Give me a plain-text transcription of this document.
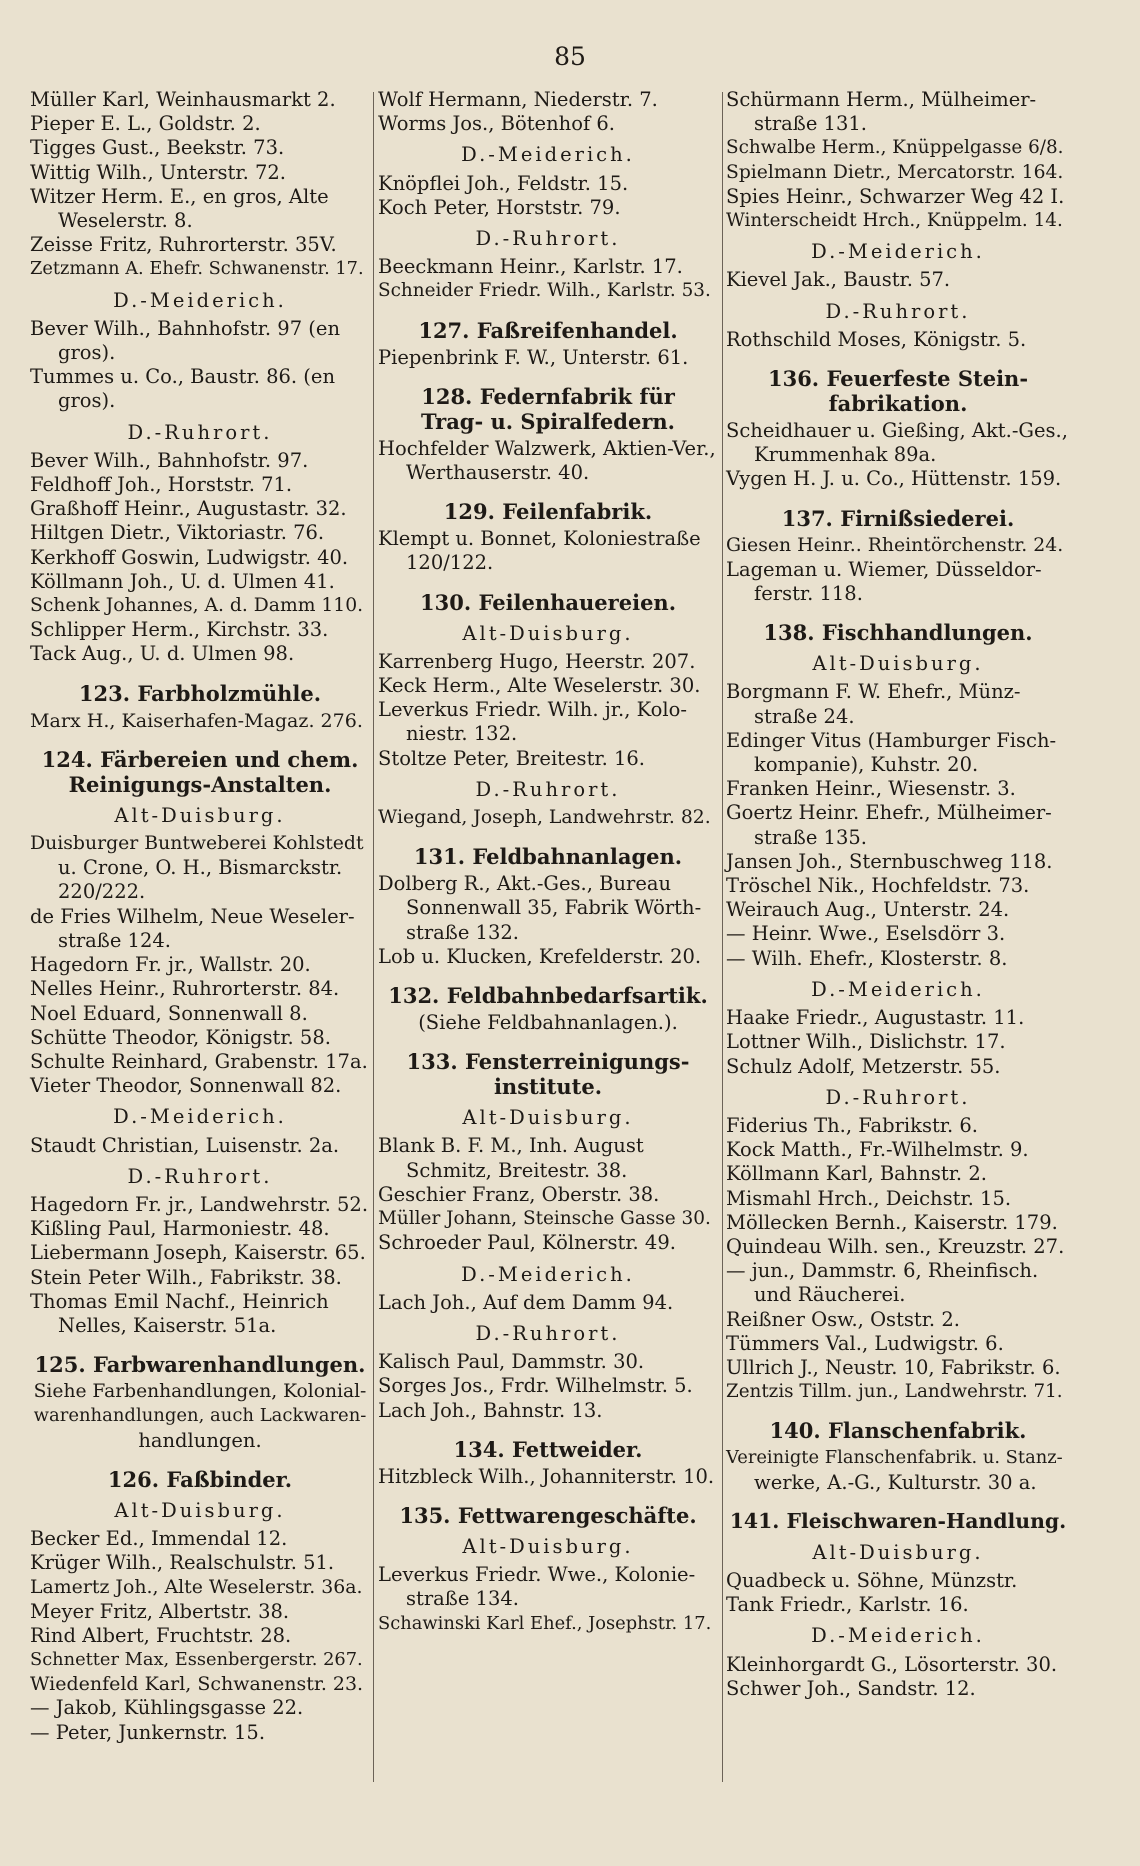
85
Müller Karl, Weinhausmarkt 2.
Pieper E. L., Goldstr. 2.
Tigges Gust., Beekstr. 73.
Wittig Wilh., Unterstr. 72.
Witzer Herm. E., en gros, Alte
Weselerstr. 8.
Zeisse Fritz, Ruhrorterstr. 35V.
Zetzmann A. Ehefr. Schwanenstr. 17.
D.-Meiderich.
Bever Wilh., Bahnhofstr. 97 (en
gros).
Tummes u. Co., Baustr. 86. (en
gros).
D.-Ruhrort.
Bever Wilh., Bahnhofstr. 97.
Feldhoff Joh., Horststr. 71.
Graßhoff Heinr., Augustastr. 32.
Hiltgen Dietr., Viktoriastr. 76.
Kerkhoff Goswin, Ludwigstr. 40.
Köllmann Joh., U. d. Ulmen 41.
Schenk Johannes, A. d. Damm 110.
Schlipper Herm., Kirchstr. 33.
Tack Aug., U. d. Ulmen 98.
123. Farbholzmühle.
Marx H., Kaiserhafen-Magaz. 276.
124. Färbereien und chem.
Reinigungs-Anstalten.
Alt-Duisburg.
Duisburger Buntweberei Kohlstedt
u. Crone, O. H., Bismarckstr.
220/222.
de Fries Wilhelm, Neue Weseler-
straße 124.
Hagedorn Fr. jr., Wallstr. 20.
Nelles Heinr., Ruhrorterstr. 84.
Noel Eduard, Sonnenwall 8.
Schütte Theodor, Königstr. 58.
Schulte Reinhard, Grabenstr. 17a.
Vieter Theodor, Sonnenwall 82.
D.-Meiderich.
Staudt Christian, Luisenstr. 2a.
D.-Ruhrort.
Hagedorn Fr. jr., Landwehrstr. 52.
Kißling Paul, Harmoniestr. 48.
Liebermann Joseph, Kaiserstr. 65.
Stein Peter Wilh., Fabrikstr. 38.
Thomas Emil Nachf., Heinrich
Nelles, Kaiserstr. 51a.
125. Farbwarenhandlungen.
Siehe Farbenhandlungen, Kolonial-
warenhandlungen, auch Lackwaren-
handlungen.
126. Faßbinder.
Alt-Duisburg.
Becker Ed., Immendal 12.
Krüger Wilh., Realschulstr. 51.
Lamertz Joh., Alte Weselerstr. 36a.
Meyer Fritz, Albertstr. 38.
Rind Albert, Fruchtstr. 28.
Schnetter Max, Essenbergerstr. 267.
Wiedenfeld Karl, Schwanenstr. 23.
— Jakob, Kühlingsgasse 22.
— Peter, Junkernstr. 15.
Wolf Hermann, Niederstr. 7.
Worms Jos., Bötenhof 6.
D.-Meiderich.
Knöpflei Joh., Feldstr. 15.
Koch Peter, Horststr. 79.
D.-Ruhrort.
Beeckmann Heinr., Karlstr. 17.
Schneider Friedr. Wilh., Karlstr. 53.
127. Faßreifenhandel.
Piepenbrink F. W., Unterstr. 61.
128. Federnfabrik für
Trag- u. Spiralfedern.
Hochfelder Walzwerk, Aktien-Ver.,
Werthauserstr. 40.
129. Feilenfabrik.
Klempt u. Bonnet, Koloniestraße
120/122.
130. Feilenhauereien.
Alt-Duisburg.
Karrenberg Hugo, Heerstr. 207.
Keck Herm., Alte Weselerstr. 30.
Leverkus Friedr. Wilh. jr., Kolo-
niestr. 132.
Stoltze Peter, Breitestr. 16.
D.-Ruhrort.
Wiegand, Joseph, Landwehrstr. 82.
131. Feldbahnanlagen.
Dolberg R., Akt.-Ges., Bureau
Sonnenwall 35, Fabrik Wörth-
straße 132.
Lob u. Klucken, Krefelderstr. 20.
132. Feldbahnbedarfsartik.
(Siehe Feldbahnanlagen.).
133. Fensterreinigungs-
institute.
Alt-Duisburg.
Blank B. F. M., Inh. August
Schmitz, Breitestr. 38.
Geschier Franz, Oberstr. 38.
Müller Johann, Steinsche Gasse 30.
Schroeder Paul, Kölnerstr. 49.
D.-Meiderich.
Lach Joh., Auf dem Damm 94.
D.-Ruhrort.
Kalisch Paul, Dammstr. 30.
Sorges Jos., Frdr. Wilhelmstr. 5.
Lach Joh., Bahnstr. 13.
134. Fettweider.
Hitzbleck Wilh., Johanniterstr. 10.
135. Fettwarengeschäfte.
Alt-Duisburg.
Leverkus Friedr. Wwe., Kolonie-
straße 134.
Schawinski Karl Ehef., Josephstr. 17.
Schürmann Herm., Mülheimer-
straße 131.
Schwalbe Herm., Knüppelgasse 6/8.
Spielmann Dietr., Mercatorstr. 164.
Spies Heinr., Schwarzer Weg 42 I.
Winterscheidt Hrch., Knüppelm. 14.
D.-Meiderich.
Kievel Jak., Baustr. 57.
D.-Ruhrort.
Rothschild Moses, Königstr. 5.
136. Feuerfeste Stein-
fabrikation.
Scheidhauer u. Gießing, Akt.-Ges.,
Krummenhak 89a.
Vygen H. J. u. Co., Hüttenstr. 159.
137. Firnißsiederei.
Giesen Heinr.. Rheintörchenstr. 24.
Lageman u. Wiemer, Düsseldor-
ferstr. 118.
138. Fischhandlungen.
Alt-Duisburg.
Borgmann F. W. Ehefr., Münz-
straße 24.
Edinger Vitus (Hamburger Fisch-
kompanie), Kuhstr. 20.
Franken Heinr., Wiesenstr. 3.
Goertz Heinr. Ehefr., Mülheimer-
straße 135.
Jansen Joh., Sternbuschweg 118.
Tröschel Nik., Hochfeldstr. 73.
Weirauch Aug., Unterstr. 24.
— Heinr. Wwe., Eselsdörr 3.
— Wilh. Ehefr., Klosterstr. 8.
D.-Meiderich.
Haake Friedr., Augustastr. 11.
Lottner Wilh., Dislichstr. 17.
Schulz Adolf, Metzerstr. 55.
D.-Ruhrort.
Fiderius Th., Fabrikstr. 6.
Kock Matth., Fr.-Wilhelmstr. 9.
Köllmann Karl, Bahnstr. 2.
Mismahl Hrch., Deichstr. 15.
Möllecken Bernh., Kaiserstr. 179.
Quindeau Wilh. sen., Kreuzstr. 27.
— jun., Dammstr. 6, Rheinfisch.
und Räucherei.
Reißner Osw., Oststr. 2.
Tümmers Val., Ludwigstr. 6.
Ullrich J., Neustr. 10, Fabrikstr. 6.
Zentzis Tillm. jun., Landwehrstr. 71.
140. Flanschenfabrik.
Vereinigte Flanschenfabrik. u. Stanz-
werke, A.-G., Kulturstr. 30 a.
141. Fleischwaren-Handlung.
Alt-Duisburg.
Quadbeck u. Söhne, Münzstr.
Tank Friedr., Karlstr. 16.
D.-Meiderich.
Kleinhorgardt G., Lösorterstr. 30.
Schwer Joh., Sandstr. 12.
